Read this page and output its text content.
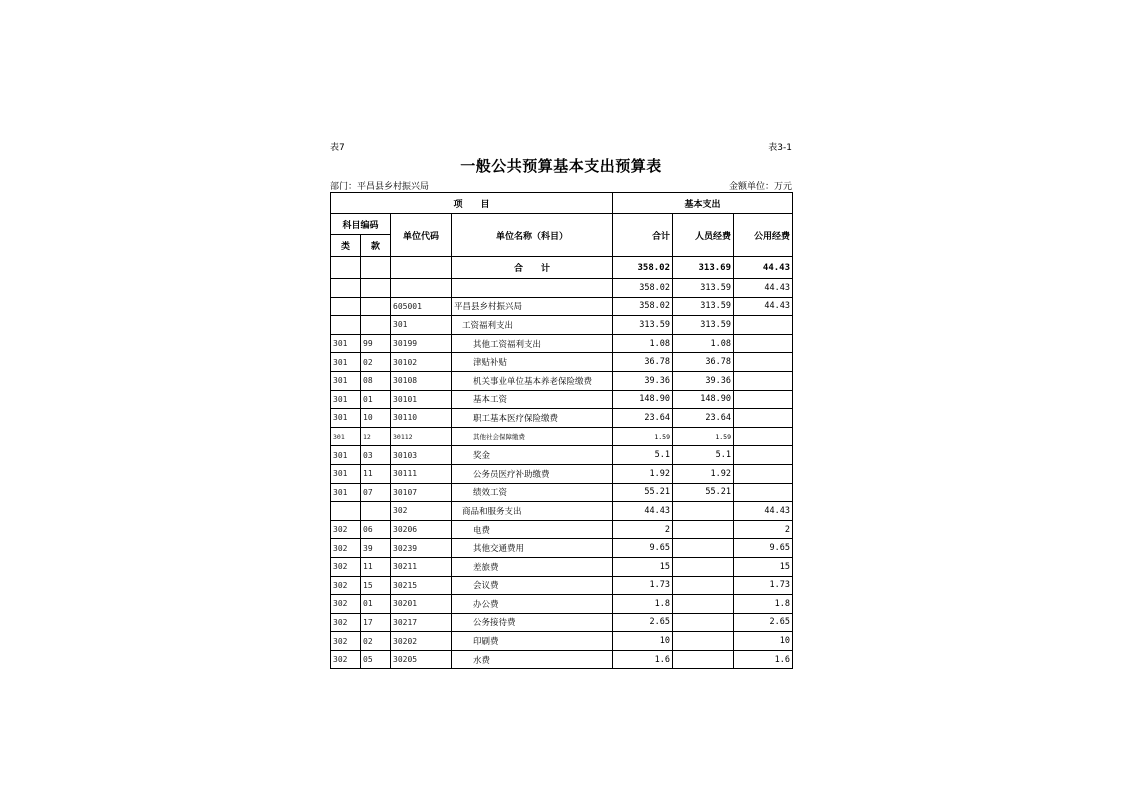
表7	表3-1
一般公共预算基本支出预算表
部门：平昌县乡村振兴局	金额单位：万元
项　　目				基本支出		
科目编码		单位代码	单位名称（科目）	合计	人员经费	公用经费
类	款					
			合　　计	358.02	313.69	44.43
				358.02	313.59	44.43
		605001	平昌县乡村振兴局	358.02	313.59	44.43
		301	工资福利支出	313.59	313.59	
301	99	30199	其他工资福利支出	1.08	1.08	
301	02	30102	津贴补贴	36.78	36.78	
301	08	30108	机关事业单位基本养老保险缴费	39.36	39.36	
301	01	30101	基本工资	148.90	148.90	
301	10	30110	职工基本医疗保险缴费	23.64	23.64	
301	12	30112	其他社会保障缴费	1.59	1.59	
301	03	30103	奖金	5.1	5.1	
301	11	30111	公务员医疗补助缴费	1.92	1.92	
301	07	30107	绩效工资	55.21	55.21	
		302	商品和服务支出	44.43		44.43
302	06	30206	电费	2		2
302	39	30239	其他交通费用	9.65		9.65
302	11	30211	差旅费	15		15
302	15	30215	会议费	1.73		1.73
302	01	30201	办公费	1.8		1.8
302	17	30217	公务接待费	2.65		2.65
302	02	30202	印刷费	10		10
302	05	30205	水费	1.6		1.6
